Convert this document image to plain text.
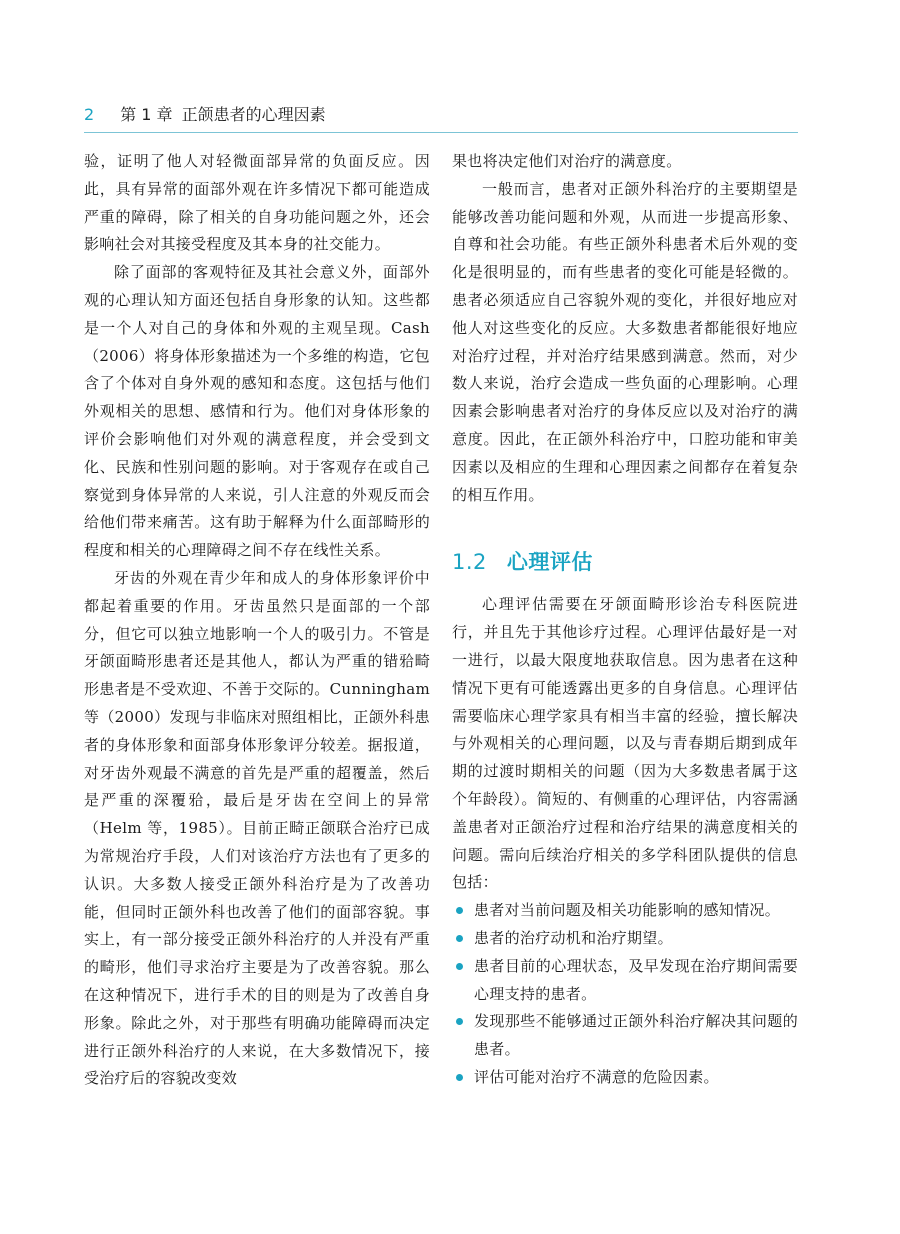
2 第 1 章 正颌患者的心理因素

验，证明了他人对轻微面部异常的负面反应。因此，具有异常的面部外观在许多情况下都可能造成严重的障碍，除了相关的自身功能问题之外，还会影响社会对其接受程度及其本身的社交能力。

除了面部的客观特征及其社会意义外，面部外观的心理认知方面还包括自身形象的认知。这些都是一个人对自己的身体和外观的主观呈现。Cash（2006）将身体形象描述为一个多维的构造，它包含了个体对自身外观的感知和态度。这包括与他们外观相关的思想、感情和行为。他们对身体形象的评价会影响他们对外观的满意程度，并会受到文化、民族和性别问题的影响。对于客观存在或自己察觉到身体异常的人来说，引人注意的外观反而会给他们带来痛苦。这有助于解释为什么面部畸形的程度和相关的心理障碍之间不存在线性关系。

牙齿的外观在青少年和成人的身体形象评价中都起着重要的作用。牙齿虽然只是面部的一个部分，但它可以独立地影响一个人的吸引力。不管是牙颌面畸形患者还是其他人，都认为严重的错𬌗畸形患者是不受欢迎、不善于交际的。Cunningham 等（2000）发现与非临床对照组相比，正颌外科患者的身体形象和面部身体形象评分较差。据报道，对牙齿外观最不满意的首先是严重的超覆盖，然后是严重的深覆𬌗，最后是牙齿在空间上的异常（Helm 等，1985）。目前正畸正颌联合治疗已成为常规治疗手段，人们对该治疗方法也有了更多的认识。大多数人接受正颌外科治疗是为了改善功能，但同时正颌外科也改善了他们的面部容貌。事实上，有一部分接受正颌外科治疗的人并没有严重的畸形，他们寻求治疗主要是为了改善容貌。那么在这种情况下，进行手术的目的则是为了改善自身形象。除此之外，对于那些有明确功能障碍而决定进行正颌外科治疗的人来说，在大多数情况下，接受治疗后的容貌改变效

果也将决定他们对治疗的满意度。

一般而言，患者对正颌外科治疗的主要期望是能够改善功能问题和外观，从而进一步提高形象、自尊和社会功能。有些正颌外科患者术后外观的变化是很明显的，而有些患者的变化可能是轻微的。患者必须适应自己容貌外观的变化，并很好地应对他人对这些变化的反应。大多数患者都能很好地应对治疗过程，并对治疗结果感到满意。然而，对少数人来说，治疗会造成一些负面的心理影响。心理因素会影响患者对治疗的身体反应以及对治疗的满意度。因此，在正颌外科治疗中，口腔功能和审美因素以及相应的生理和心理因素之间都存在着复杂的相互作用。

1.2 心理评估

心理评估需要在牙颌面畸形诊治专科医院进行，并且先于其他诊疗过程。心理评估最好是一对一进行，以最大限度地获取信息。因为患者在这种情况下更有可能透露出更多的自身信息。心理评估需要临床心理学家具有相当丰富的经验，擅长解决与外观相关的心理问题，以及与青春期后期到成年期的过渡时期相关的问题（因为大多数患者属于这个年龄段）。简短的、有侧重的心理评估，内容需涵盖患者对正颌治疗过程和治疗结果的满意度相关的问题。需向后续治疗相关的多学科团队提供的信息包括：

患者对当前问题及相关功能影响的感知情况。
患者的治疗动机和治疗期望。
患者目前的心理状态，及早发现在治疗期间需要心理支持的患者。
发现那些不能够通过正颌外科治疗解决其问题的患者。
评估可能对治疗不满意的危险因素。
